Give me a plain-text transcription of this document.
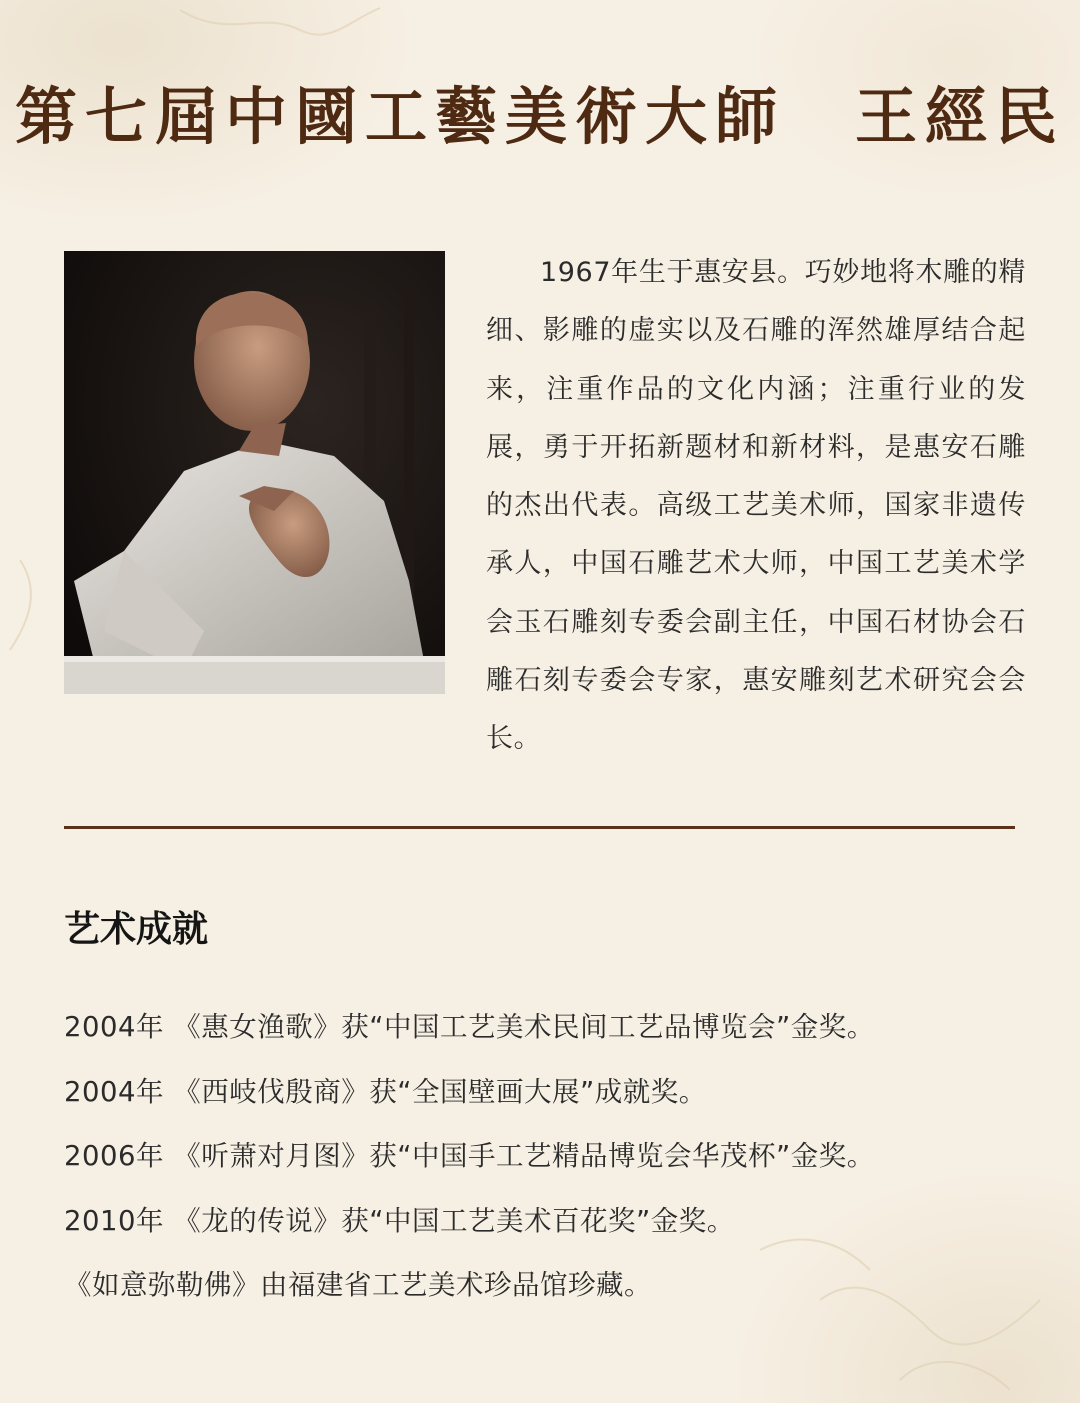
第七屆中國工藝美術大師　王經民

1967年生于惠安县。巧妙地将木雕的精细、影雕的虚实以及石雕的浑然雄厚结合起来，注重作品的文化内涵；注重行业的发展，勇于开拓新题材和新材料，是惠安石雕的杰出代表。高级工艺美术师，国家非遗传承人，中国石雕艺术大师，中国工艺美术学会玉石雕刻专委会副主任，中国石材协会石雕石刻专委会专家，惠安雕刻艺术研究会会长。

艺术成就
2004年 《惠女渔歌》获“中国工艺美术民间工艺品博览会”金奖。
2004年 《西岐伐殷商》获“全国壁画大展”成就奖。
2006年 《听萧对月图》获“中国手工艺精品博览会华茂杯”金奖。
2010年 《龙的传说》获“中国工艺美术百花奖”金奖。
《如意弥勒佛》由福建省工艺美术珍品馆珍藏。
